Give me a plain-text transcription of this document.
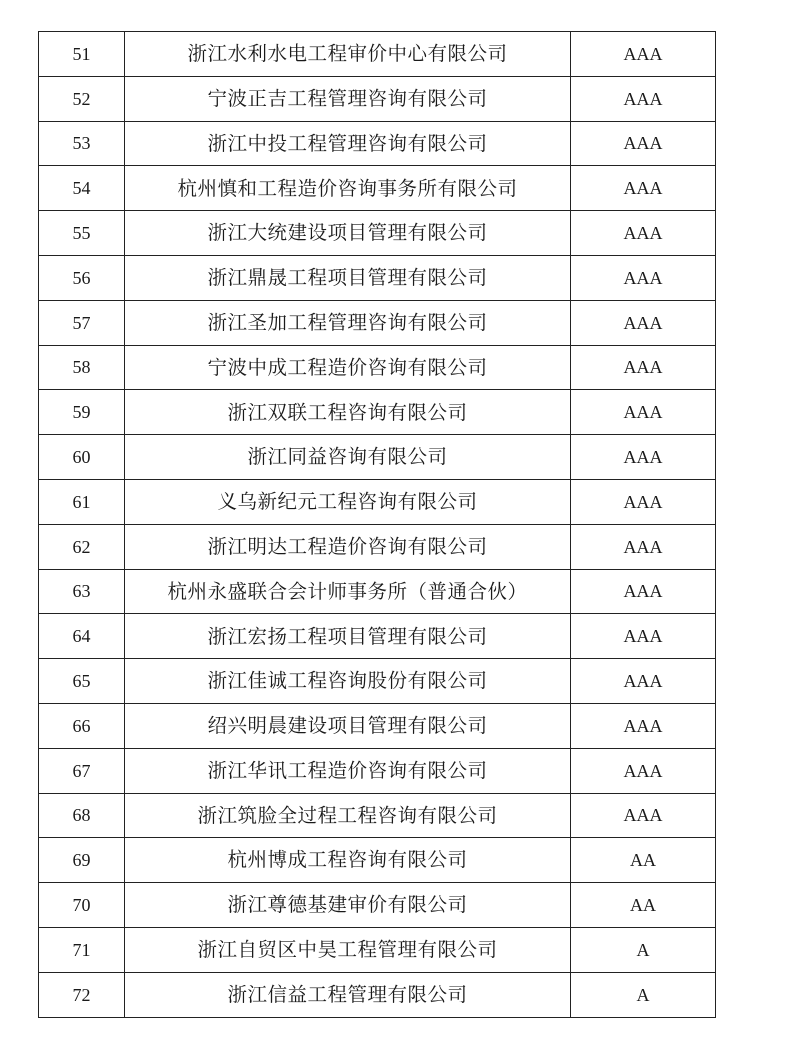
51	浙江水利水电工程审价中心有限公司	AAA
52	宁波正吉工程管理咨询有限公司	AAA
53	浙江中投工程管理咨询有限公司	AAA
54	杭州慎和工程造价咨询事务所有限公司	AAA
55	浙江大统建设项目管理有限公司	AAA
56	浙江鼎晟工程项目管理有限公司	AAA
57	浙江圣加工程管理咨询有限公司	AAA
58	宁波中成工程造价咨询有限公司	AAA
59	浙江双联工程咨询有限公司	AAA
60	浙江同益咨询有限公司	AAA
61	义乌新纪元工程咨询有限公司	AAA
62	浙江明达工程造价咨询有限公司	AAA
63	杭州永盛联合会计师事务所（普通合伙）	AAA
64	浙江宏扬工程项目管理有限公司	AAA
65	浙江佳诚工程咨询股份有限公司	AAA
66	绍兴明晨建设项目管理有限公司	AAA
67	浙江华讯工程造价咨询有限公司	AAA
68	浙江筑脸全过程工程咨询有限公司	AAA
69	杭州博成工程咨询有限公司	AA
70	浙江尊德基建审价有限公司	AA
71	浙江自贸区中昊工程管理有限公司	A
72	浙江信益工程管理有限公司	A
